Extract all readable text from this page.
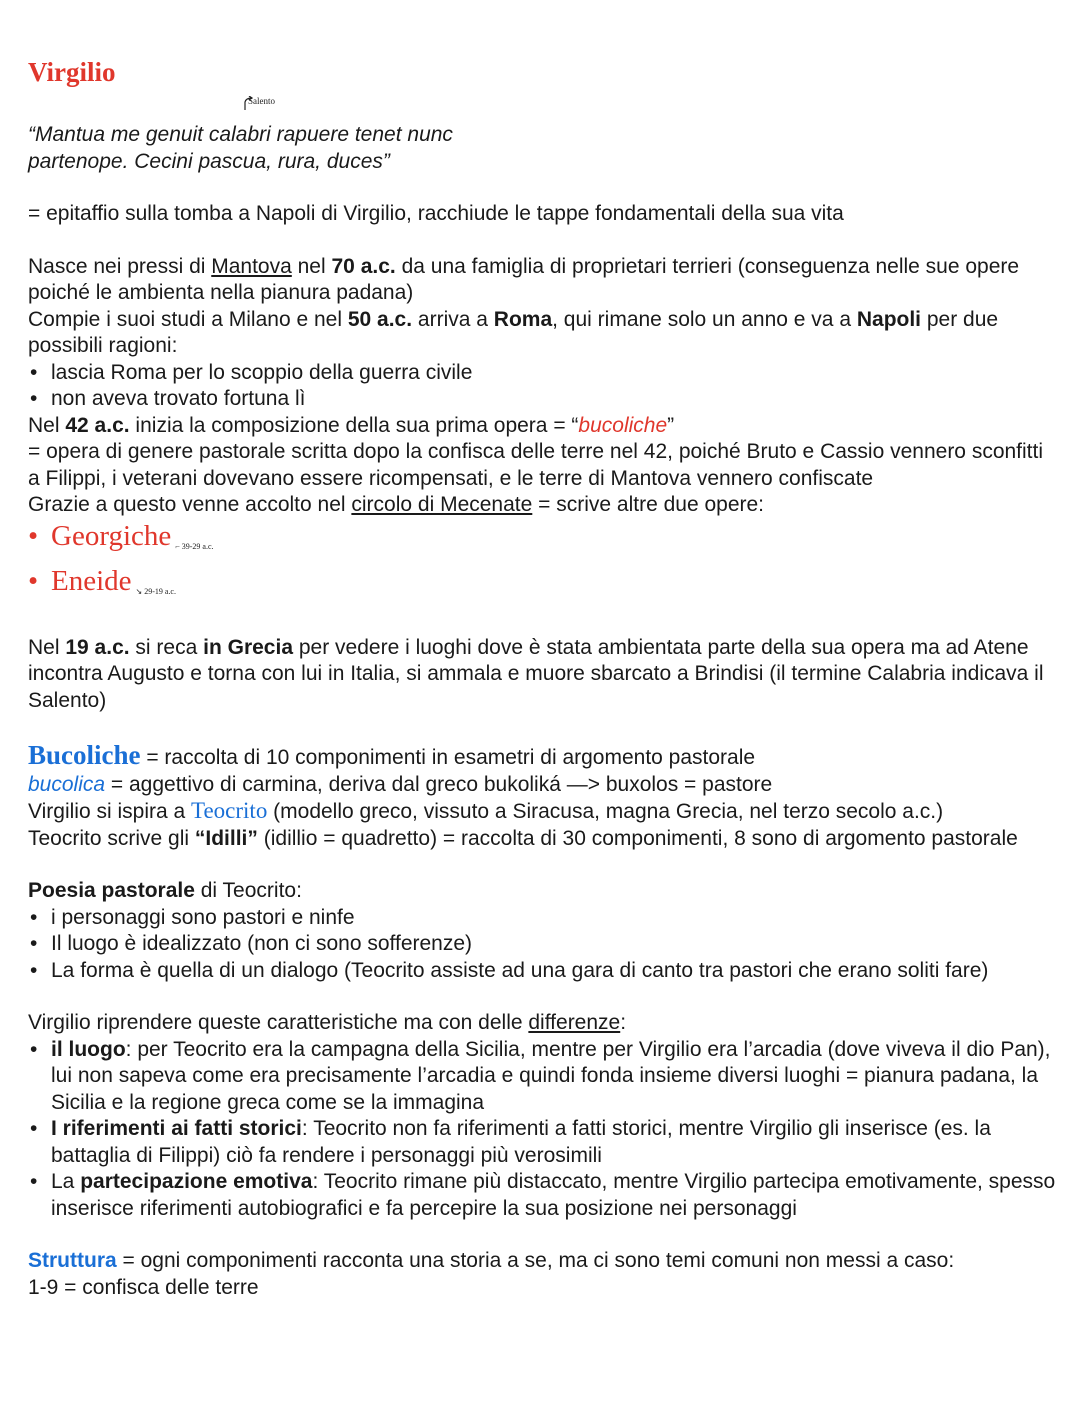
Virgilio
Salento

“Mantua me genuit calabri rapuere tenet nunc

partenope. Cecini pascua, rura, duces”

= epitaffio sulla tomba a Napoli di Virgilio, racchiude le tappe fondamentali della sua vita

Nasce nei pressi di Mantova nel 70 a.c. da una famiglia di proprietari terrieri (conseguenza nelle sue opere poiché le ambienta nella pianura padana)

Compie i suoi studi a Milano e nel 50 a.c. arriva a Roma, qui rimane solo un anno e va a Napoli per due possibili ragioni:

• lascia Roma per lo scoppio della guerra civile
• non aveva trovato fortuna lì

Nel 42 a.c. inizia la composizione della sua prima opera = “bucoliche”

= opera di genere pastorale scritta dopo la confisca delle terre nel 42, poiché Bruto e Cassio vennero sconfitti a Filippi, i veterani dovevano essere ricompensati, e le terre di Mantova vennero confiscate

Grazie a questo venne accolto nel circolo di Mecenate = scrive altre due opere:

• Georgiche ⌐ 39-29 a.c.
• Eneide ↘ 29-19 a.c.

Nel 19 a.c. si reca in Grecia per vedere i luoghi dove è stata ambientata parte della sua opera ma ad Atene incontra Augusto e torna con lui in Italia, si ammala e muore sbarcato a Brindisi (il termine Calabria indicava il Salento)

Bucoliche = raccolta di 10 componimenti in esametri di argomento pastorale

bucolica = aggettivo di carmina, deriva dal greco bukoliká —> buxolos = pastore

Virgilio si ispira a Teocrito (modello greco, vissuto a Siracusa, magna Grecia, nel terzo secolo a.c.)

Teocrito scrive gli “Idilli” (idillio = quadretto) = raccolta di 30 componimenti, 8 sono di argomento pastorale

Poesia pastorale di Teocrito:

• i personaggi sono pastori e ninfe
• Il luogo è idealizzato (non ci sono sofferenze)
• La forma è quella di un dialogo (Teocrito assiste ad una gara di canto tra pastori che erano soliti fare)

Virgilio riprendere queste caratteristiche ma con delle differenze:

• il luogo: per Teocrito era la campagna della Sicilia, mentre per Virgilio era l’arcadia (dove viveva il dio Pan), lui non sapeva come era precisamente l’arcadia e quindi fonda insieme diversi luoghi = pianura padana, la Sicilia e la regione greca come se la immagina
• I riferimenti ai fatti storici: Teocrito non fa riferimenti a fatti storici, mentre Virgilio gli inserisce (es. la battaglia di Filippi) ciò fa rendere i personaggi più verosimili
• La partecipazione emotiva: Teocrito rimane più distaccato, mentre Virgilio partecipa emotivamente, spesso inserisce riferimenti autobiografici e fa percepire la sua posizione nei personaggi

Struttura = ogni componimenti racconta una storia a se, ma ci sono temi comuni non messi a caso:

1-9 = confisca delle terre
